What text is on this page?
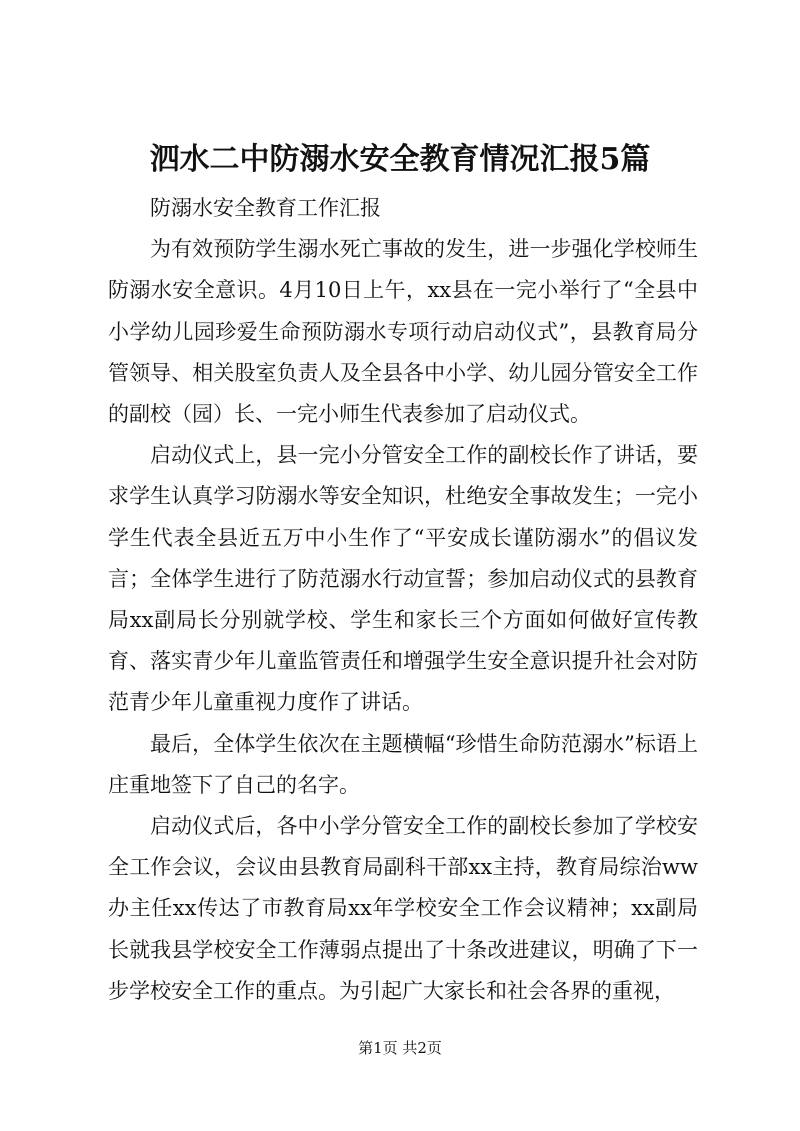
泗水二中防溺水安全教育情况汇报5篇

防溺水安全教育工作汇报

为有效预防学生溺水死亡事故的发生，进一步强化学校师生防溺水安全意识。4月10日上午，xx县在一完小举行了“全县中小学幼儿园珍爱生命预防溺水专项行动启动仪式”，县教育局分管领导、相关股室负责人及全县各中小学、幼儿园分管安全工作的副校（园）长、一完小师生代表参加了启动仪式。

启动仪式上，县一完小分管安全工作的副校长作了讲话，要求学生认真学习防溺水等安全知识，杜绝安全事故发生；一完小学生代表全县近五万中小生作了“平安成长谨防溺水”的倡议发言；全体学生进行了防范溺水行动宣誓；参加启动仪式的县教育局xx副局长分别就学校、学生和家长三个方面如何做好宣传教育、落实青少年儿童监管责任和增强学生安全意识提升社会对防范青少年儿童重视力度作了讲话。

最后，全体学生依次在主题横幅“珍惜生命防范溺水”标语上庄重地签下了自己的名字。

启动仪式后，各中小学分管安全工作的副校长参加了学校安全工作会议，会议由县教育局副科干部xx主持，教育局综治ww办主任xx传达了市教育局xx年学校安全工作会议精神；xx副局长就我县学校安全工作薄弱点提出了十条改进建议，明确了下一步学校安全工作的重点。为引起广大家长和社会各界的重视，

第1页 共2页
